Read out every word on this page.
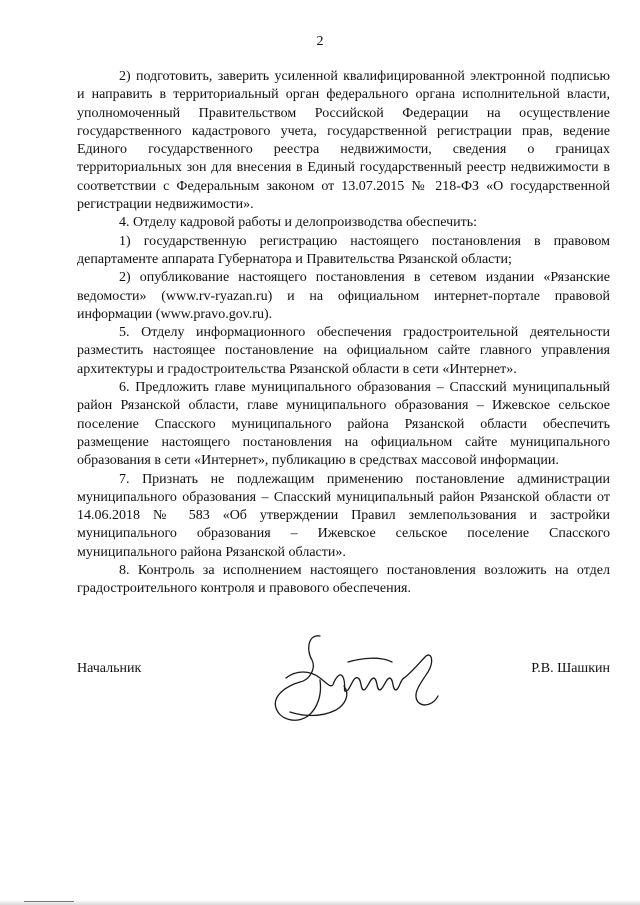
2

2) подготовить, заверить усиленной квалифицированной электронной подписью и направить в территориальный орган федерального органа исполнительной власти, уполномоченный Правительством Российской Федерации на осуществление государственного кадастрового учета, государственной регистрации прав, ведение Единого государственного реестра недвижимости, сведения о границах территориальных зон для внесения в Единый государственный реестр недвижимости в соответствии с Федеральным законом от 13.07.2015 № 218-ФЗ «О государственной регистрации недвижимости».

4. Отделу кадровой работы и делопроизводства обеспечить:

1) государственную регистрацию настоящего постановления в правовом департаменте аппарата Губернатора и Правительства Рязанской области;

2) опубликование настоящего постановления в сетевом издании «Рязанские ведомости» (www.rv-ryazan.ru) и на официальном интернет-портале правовой информации (www.pravo.gov.ru).

5. Отделу информационного обеспечения градостроительной деятельности разместить настоящее постановление на официальном сайте главного управления архитектуры и градостроительства Рязанской области в сети «Интернет».

6. Предложить главе муниципального образования – Спасский муниципальный район Рязанской области, главе муниципального образования – Ижевское сельское поселение Спасского муниципального района Рязанской области обеспечить размещение настоящего постановления на официальном сайте муниципального образования в сети «Интернет», публикацию в средствах массовой информации.

7. Признать не подлежащим применению постановление администрации муниципального образования – Спасский муниципальный район Рязанской области от 14.06.2018 № 583 «Об утверждении Правил землепользования и застройки муниципального образования – Ижевское сельское поселение Спасского муниципального района Рязанской области».

8. Контроль за исполнением настоящего постановления возложить на отдел градостроительного контроля и правового обеспечения.

Начальник	Р.В. Шашкин
